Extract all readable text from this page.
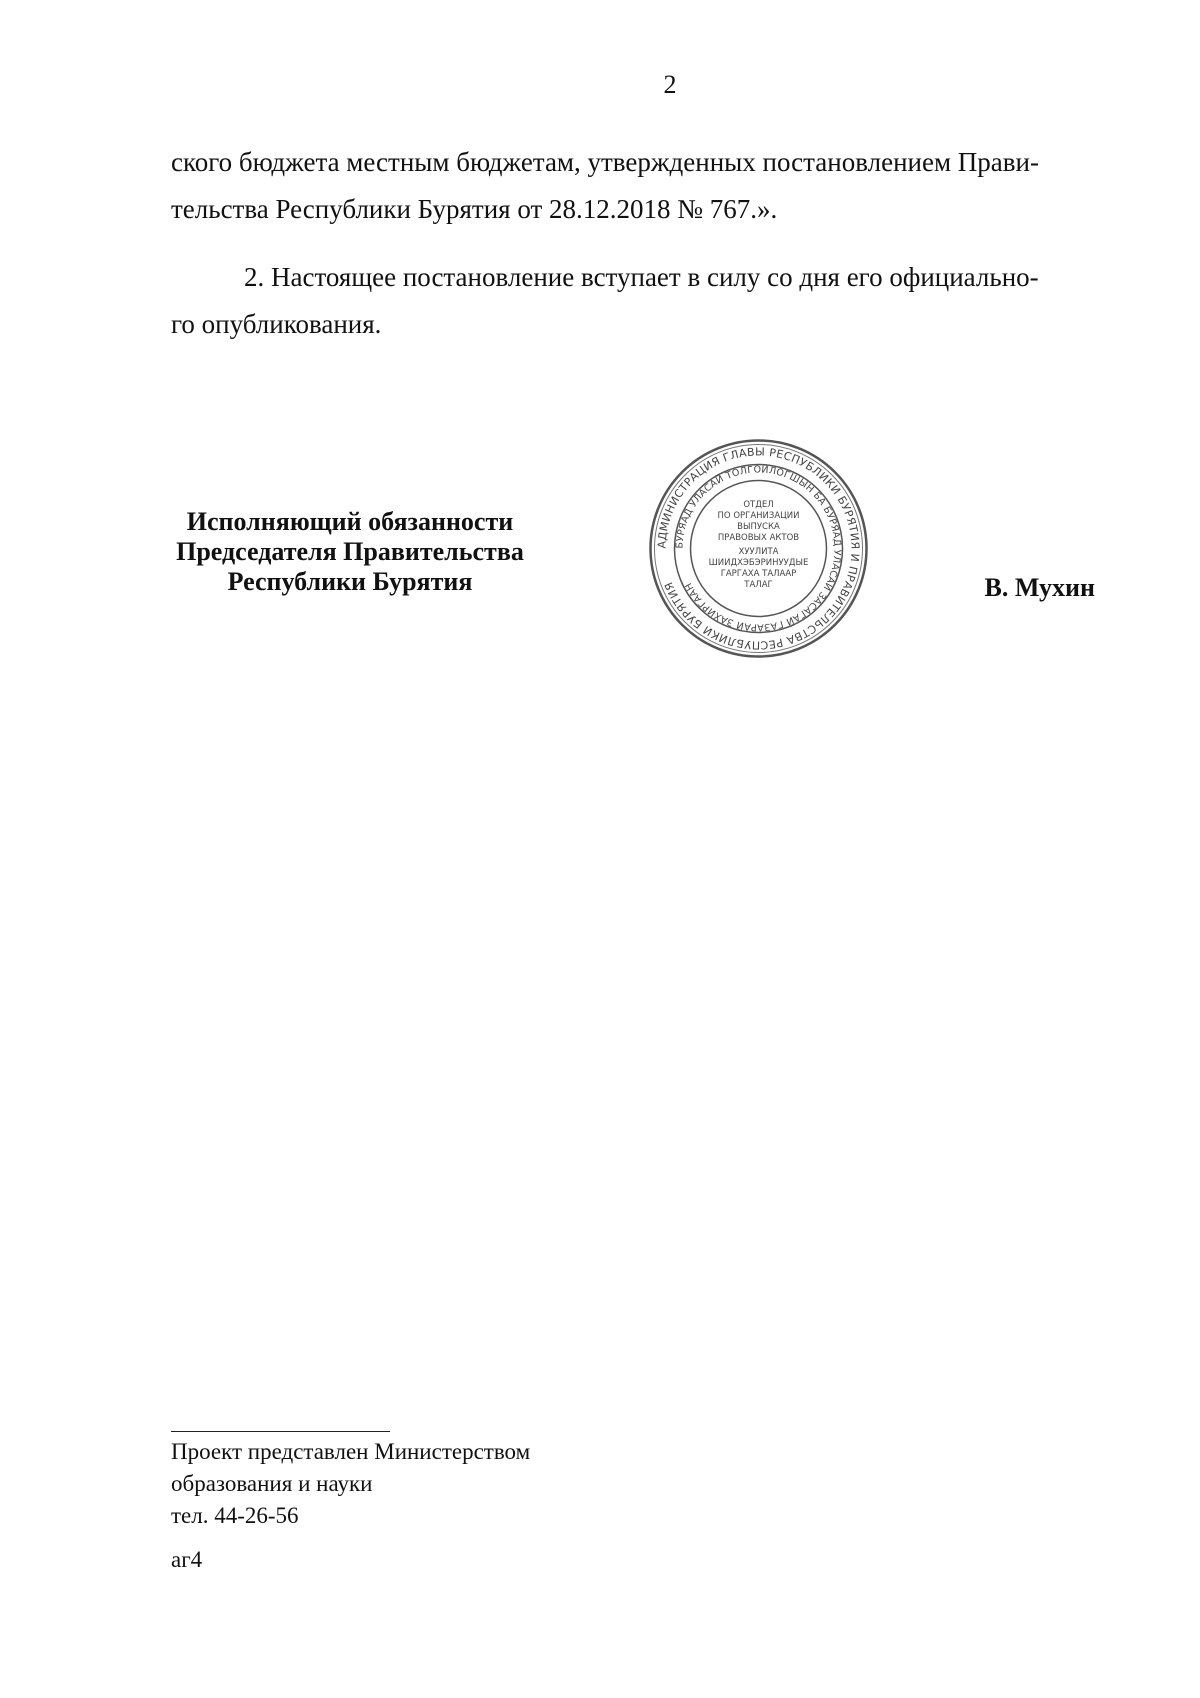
2
ского бюджета местным бюджетам, утвержденных постановлением Прави-
тельства Республики Бурятия от 28.12.2018 № 767.».
2. Настоящее постановление вступает в силу со дня его официально-
го опубликования.
Исполняющий обязанности
Председателя Правительства
Республики Бурятия
АДМИНИСТРАЦИЯ ГЛАВЫ РЕСПУБЛИКИ БУРЯТИЯ И ПРАВИТЕЛЬСТВА РЕСПУБЛИКИ БУРЯТИЯ
БУРЯАД УЛАСАЙ ТОЛГОЙЛОГШЫН БА БУРЯАД УЛАСАЙ ЗАСАГАЙ ГАЗАРАЙ ЗАХИРГААН
ОТДЕЛ
ПО ОРГАНИЗАЦИИ
ВЫПУСКА
ПРАВОВЫХ АКТОВ
ХУУЛИТА
ШИИДХЭБЭРИНУУДЫЕ
ГАРГАХА ТАЛААР
ТАЛАГ	В. Мухин
Проект представлен Министерством
образования и науки
тел. 44-26-56
аг4
